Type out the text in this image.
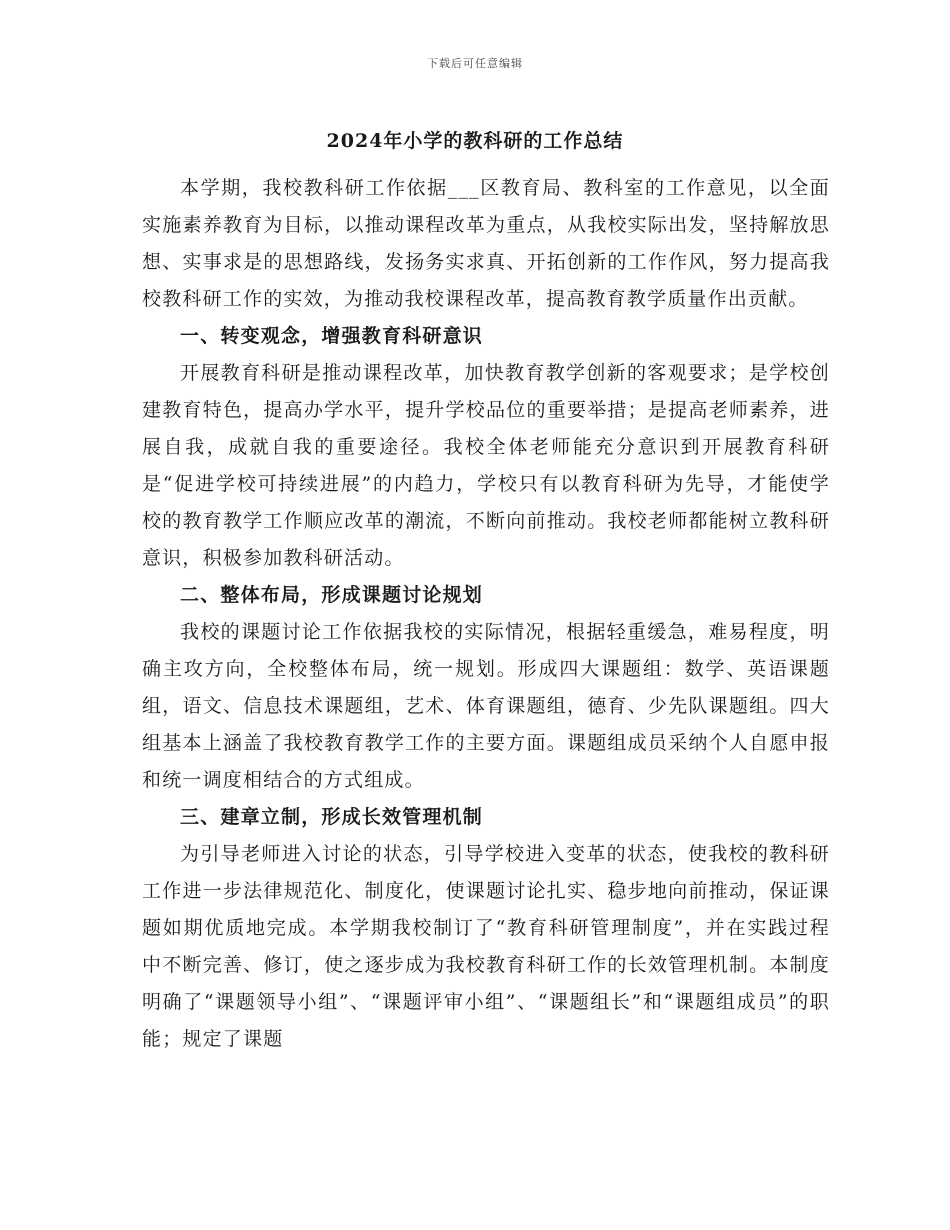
下载后可任意编辑
2024年小学的教科研的工作总结

本学期，我校教科研工作依据___区教育局、教科室的工作意见，以全面实施素养教育为目标，以推动课程改革为重点，从我校实际出发，坚持解放思想、实事求是的思想路线，发扬务实求真、开拓创新的工作作风，努力提高我校教科研工作的实效，为推动我校课程改革，提高教育教学质量作出贡献。

一、转变观念，增强教育科研意识

开展教育科研是推动课程改革，加快教育教学创新的客观要求；是学校创建教育特色，提高办学水平，提升学校品位的重要举措；是提高老师素养，进展自我，成就自我的重要途径。我校全体老师能充分意识到开展教育科研是“促进学校可持续进展”的内趋力，学校只有以教育科研为先导，才能使学校的教育教学工作顺应改革的潮流，不断向前推动。我校老师都能树立教科研意识，积极参加教科研活动。

二、整体布局，形成课题讨论规划

我校的课题讨论工作依据我校的实际情况，根据轻重缓急，难易程度，明确主攻方向，全校整体布局，统一规划。形成四大课题组：数学、英语课题组，语文、信息技术课题组，艺术、体育课题组，德育、少先队课题组。四大组基本上涵盖了我校教育教学工作的主要方面。课题组成员采纳个人自愿申报和统一调度相结合的方式组成。

三、建章立制，形成长效管理机制

为引导老师进入讨论的状态，引导学校进入变革的状态，使我校的教科研工作进一步法律规范化、制度化，使课题讨论扎实、稳步地向前推动，保证课题如期优质地完成。本学期我校制订了“教育科研管理制度”，并在实践过程中不断完善、修订，使之逐步成为我校教育科研工作的长效管理机制。本制度明确了“课题领导小组”、“课题评审小组”、“课题组长”和“课题组成员”的职能；规定了课题
